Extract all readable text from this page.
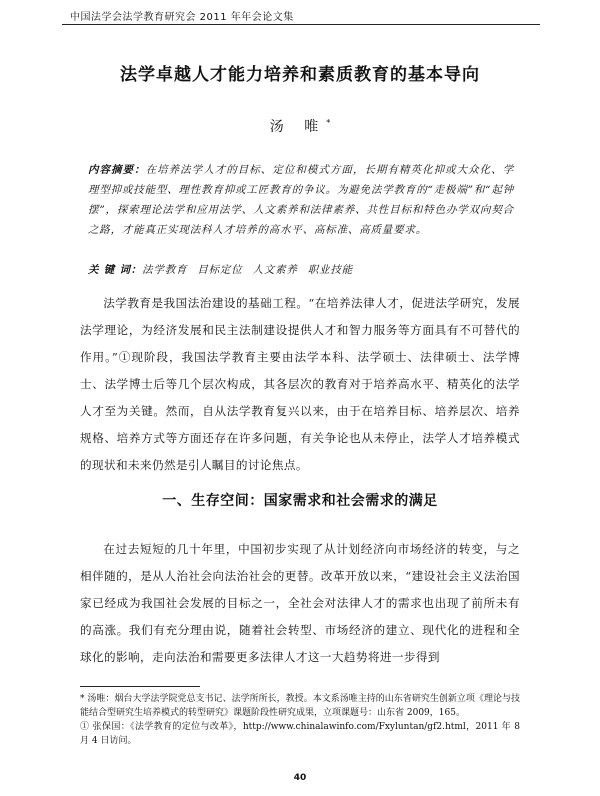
中国法学会法学教育研究会 2011 年年会论文集
法学卓越人才能力培养和素质教育的基本导向
汤 唯*
内容摘要：在培养法学人才的目标、定位和模式方面，长期有精英化抑或大众化、学理型抑或技能型、理性教育抑或工匠教育的争议。为避免法学教育的“走极端”和“起钟摆”，探索理论法学和应用法学、人文素养和法律素养、共性目标和特色办学双向契合之路，才能真正实现法科人才培养的高水平、高标准、高质量要求。
关 键 词：法学教育 目标定位 人文素养 职业技能
法学教育是我国法治建设的基础工程。“在培养法律人才，促进法学研究，发展法学理论，为经济发展和民主法制建设提供人才和智力服务等方面具有不可替代的作用。”①现阶段，我国法学教育主要由法学本科、法学硕士、法律硕士、法学博士、法学博士后等几个层次构成，其各层次的教育对于培养高水平、精英化的法学人才至为关键。然而，自从法学教育复兴以来，由于在培养目标、培养层次、培养规格、培养方式等方面还存在许多问题，有关争论也从未停止，法学人才培养模式的现状和未来仍然是引人瞩目的讨论焦点。
一、生存空间：国家需求和社会需求的满足
在过去短短的几十年里，中国初步实现了从计划经济向市场经济的转变，与之相伴随的，是从人治社会向法治社会的更替。改革开放以来，“建设社会主义法治国家已经成为我国社会发展的目标之一，全社会对法律人才的需求也出现了前所未有的高涨。我们有充分理由说，随着社会转型、市场经济的建立、现代化的进程和全球化的影响，走向法治和需要更多法律人才这一大趋势将进一步得到

* 汤唯：烟台大学法学院党总支书记、法学所所长，教授。本文系汤唯主持的山东省研究生创新立项《理论与技能结合型研究生培养模式的转型研究》课题阶段性研究成果，立项课题号：山东省 2009，165。

① 张保国：《法学教育的定位与改革》，http://www.chinalawinfo.com/Fxyluntan/gf2.html，2011 年 8 月 4 日访问。

40
